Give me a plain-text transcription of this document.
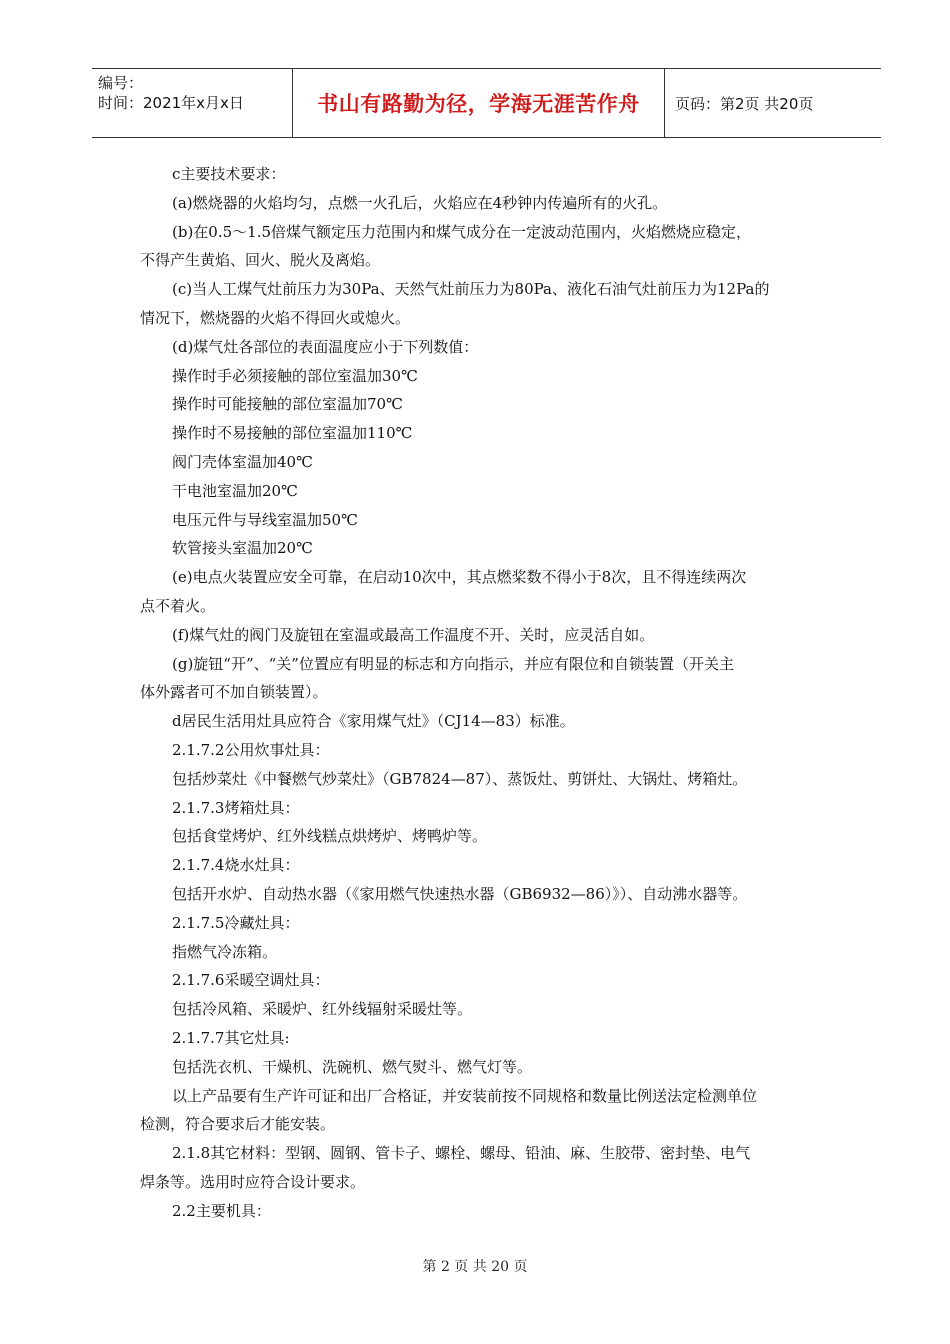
编号：
时间：2021年x月x日	书山有路勤为径，学海无涯苦作舟	页码：第2页 共20页

c主要技术要求：

(a)燃烧器的火焰均匀，点燃一火孔后，火焰应在4秒钟内传遍所有的火孔。

(b)在0.5～1.5倍煤气额定压力范围内和煤气成分在一定波动范围内，火焰燃烧应稳定，

不得产生黄焰、回火、脱火及离焰。

(c)当人工煤气灶前压力为30Pa、天然气灶前压力为80Pa、液化石油气灶前压力为12Pa的

情况下，燃烧器的火焰不得回火或熄火。

(d)煤气灶各部位的表面温度应小于下列数值：

操作时手必须接触的部位室温加30℃

操作时可能接触的部位室温加70℃

操作时不易接触的部位室温加110℃

阀门壳体室温加40℃

干电池室温加20℃

电压元件与导线室温加50℃

软管接头室温加20℃

(e)电点火装置应安全可靠，在启动10次中，其点燃桨数不得小于8次，且不得连续两次

点不着火。

(f)煤气灶的阀门及旋钮在室温或最高工作温度不开、关时，应灵活自如。

(g)旋钮“开”、“关”位置应有明显的标志和方向指示，并应有限位和自锁装置（开关主

体外露者可不加自锁装置）。

d居民生活用灶具应符合《家用煤气灶》（CJ14—83）标准。

2.1.7.2公用炊事灶具：

包括炒菜灶《中餐燃气炒菜灶》（GB7824—87）、蒸饭灶、剪饼灶、大锅灶、烤箱灶。

2.1.7.3烤箱灶具：

包括食堂烤炉、红外线糕点烘烤炉、烤鸭炉等。

2.1.7.4烧水灶具：

包括开水炉、自动热水器（《家用燃气快速热水器（GB6932—86）》）、自动沸水器等。

2.1.7.5冷藏灶具：

指燃气冷冻箱。

2.1.7.6采暖空调灶具：

包括冷风箱、采暖炉、红外线辐射采暖灶等。

2.1.7.7其它灶具:

包括洗衣机、干燥机、洗碗机、燃气熨斗、燃气灯等。

以上产品要有生产许可证和出厂合格证，并安装前按不同规格和数量比例送法定检测单位

检测，符合要求后才能安装。

2.1.8其它材料：型钢、圆钢、管卡子、螺栓、螺母、铅油、麻、生胶带、密封垫、电气

焊条等。选用时应符合设计要求。

2.2主要机具：

第 2 页 共 20 页
